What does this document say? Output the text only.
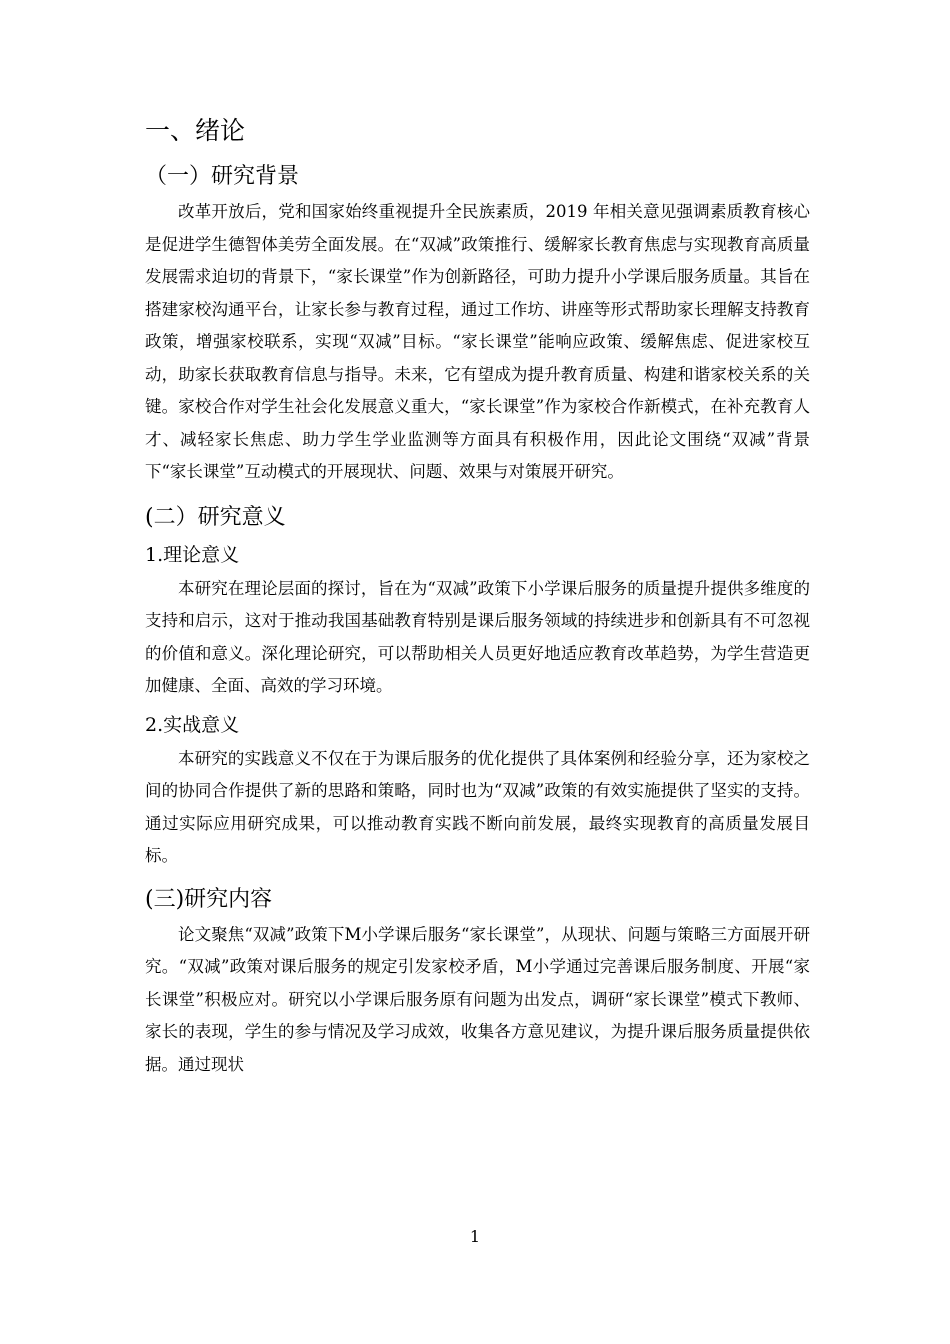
一、绪论
（一）研究背景

改革开放后，党和国家始终重视提升全民族素质，2019 年相关意见强调素质教育核心是促进学生德智体美劳全面发展。在“双减”政策推行、缓解家长教育焦虑与实现教育高质量发展需求迫切的背景下，“家长课堂”作为创新路径，可助力提升小学课后服务质量。其旨在搭建家校沟通平台，让家长参与教育过程，通过工作坊、讲座等形式帮助家长理解支持教育政策，增强家校联系，实现“双减”目标。“家长课堂”能响应政策、缓解焦虑、促进家校互动，助家长获取教育信息与指导。未来，它有望成为提升教育质量、构建和谐家校关系的关键。家校合作对学生社会化发展意义重大，“家长课堂”作为家校合作新模式，在补充教育人才、减轻家长焦虑、助力学生学业监测等方面具有积极作用，因此论文围绕“双减”背景下“家长课堂”互动模式的开展现状、问题、效果与对策展开研究。

(二）研究意义
1.理论意义

本研究在理论层面的探讨，旨在为“双减”政策下小学课后服务的质量提升提供多维度的支持和启示，这对于推动我国基础教育特别是课后服务领域的持续进步和创新具有不可忽视的价值和意义。深化理论研究，可以帮助相关人员更好地适应教育改革趋势，为学生营造更加健康、全面、高效的学习环境。

2.实战意义

本研究的实践意义不仅在于为课后服务的优化提供了具体案例和经验分享，还为家校之间的协同合作提供了新的思路和策略，同时也为“双减”政策的有效实施提供了坚实的支持。通过实际应用研究成果，可以推动教育实践不断向前发展，最终实现教育的高质量发展目标。

(三)研究内容

论文聚焦“双减”政策下M小学课后服务“家长课堂”，从现状、问题与策略三方面展开研究。“双减”政策对课后服务的规定引发家校矛盾，M小学通过完善课后服务制度、开展“家长课堂”积极应对。研究以小学课后服务原有问题为出发点，调研“家长课堂”模式下教师、家长的表现，学生的参与情况及学习成效，收集各方意见建议，为提升课后服务质量提供依据。通过现状

1
